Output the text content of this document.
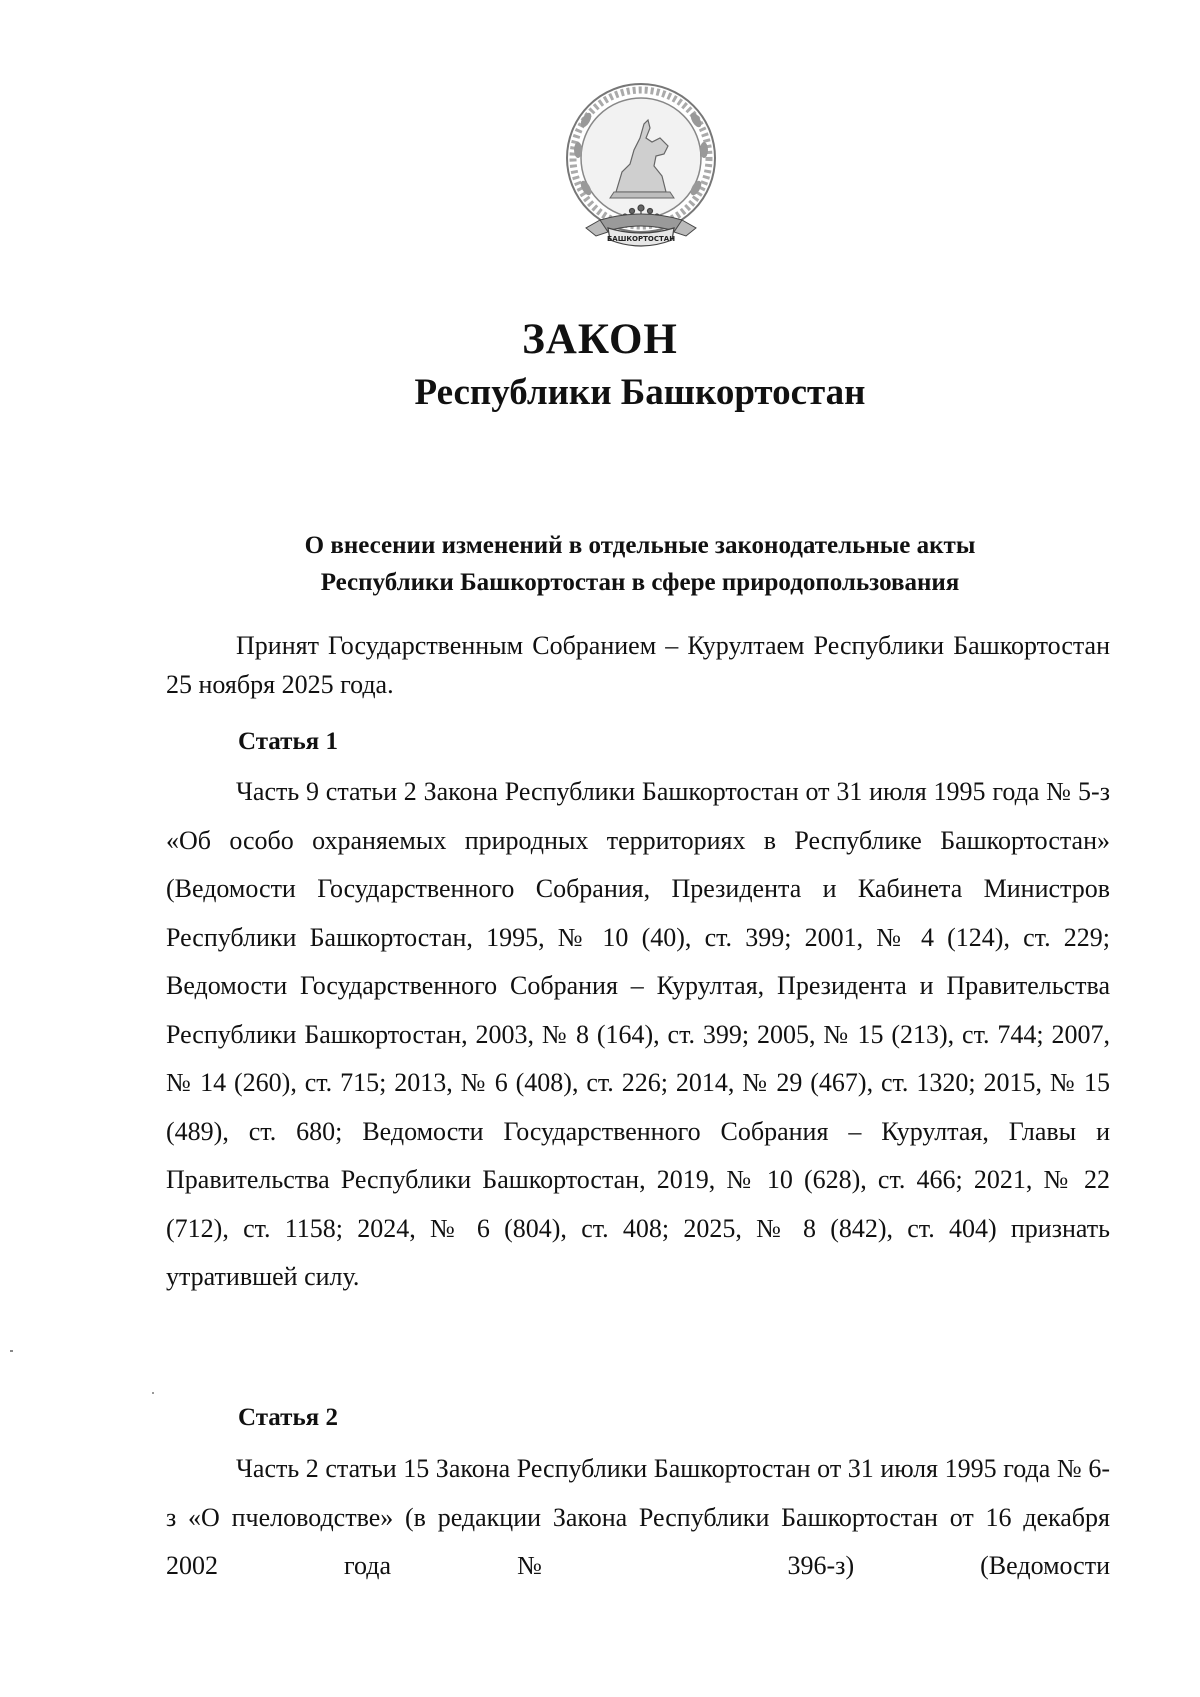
БАШКОРТОСТАН
ЗАКОН
Республики Башкортостан
О внесении изменений в отдельные законодательные акты
Республики Башкортостан в сфере природопользования
Принят Государственным Собранием – Курултаем Республики Башкортостан 25 ноября 2025 года.
Статья 1
Часть 9 статьи 2 Закона Республики Башкортостан от 31 июля 1995 года № 5-з «Об особо охраняемых природных территориях в Республике Башкортостан» (Ведомости Государственного Собрания, Президента и Кабинета Министров Республики Башкортостан, 1995, № 10 (40), ст. 399; 2001, № 4 (124), ст. 229; Ведомости Государственного Собрания – Курултая, Президента и Правительства Республики Башкортостан, 2003, № 8 (164), ст. 399; 2005, № 15 (213), ст. 744; 2007, № 14 (260), ст. 715; 2013, № 6 (408), ст. 226; 2014, № 29 (467), ст. 1320; 2015, № 15 (489), ст. 680; Ведомости Государственного Собрания – Курултая, Главы и Правительства Республики Башкортостан, 2019, № 10 (628), ст. 466; 2021, № 22 (712), ст. 1158; 2024, № 6 (804), ст. 408; 2025, № 8 (842), ст. 404) признать утратившей силу.
Статья 2
Часть 2 статьи 15 Закона Республики Башкортостан от 31 июля 1995 года № 6-з «О пчеловодстве» (в редакции Закона Республики Башкортостан от 16 декабря 2002 года № 396-з) (Ведомости
